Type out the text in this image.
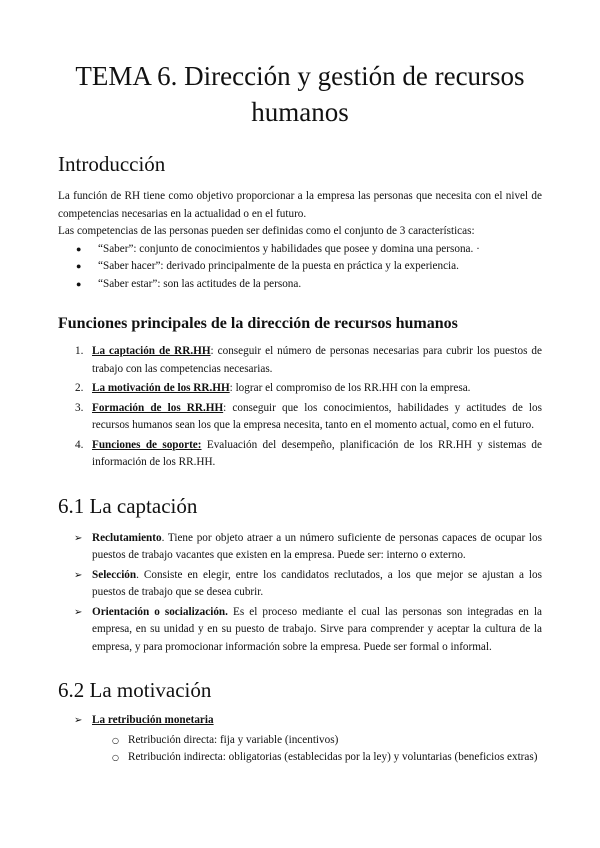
TEMA 6. Dirección y gestión de recursos
humanos
Introducción

La función de RH tiene como objetivo proporcionar a la empresa las personas que necesita con el nivel de competencias necesarias en la actualidad o en el futuro.

Las competencias de las personas pueden ser definidas como el conjunto de 3 características:

● “Saber”: conjunto de conocimientos y habilidades que posee y domina una persona. ·
● “Saber hacer”: derivado principalmente de la puesta en práctica y la experiencia.
● “Saber estar”: son las actitudes de la persona.
Funciones principales de la dirección de recursos humanos
1. La captación de RR.HH: conseguir el número de personas necesarias para cubrir los puestos de trabajo con las competencias necesarias.
2. La motivación de los RR.HH: lograr el compromiso de los RR.HH con la empresa.
3. Formación de los RR.HH: conseguir que los conocimientos, habilidades y actitudes de los recursos humanos sean los que la empresa necesita, tanto en el momento actual, como en el futuro.
4. Funciones de soporte: Evaluación del desempeño, planificación de los RR.HH y sistemas de información de los RR.HH.
6.1 La captación
➢ Reclutamiento. Tiene por objeto atraer a un número suficiente de personas capaces de ocupar los puestos de trabajo vacantes que existen en la empresa. Puede ser: interno o externo.
➢ Selección. Consiste en elegir, entre los candidatos reclutados, a los que mejor se ajustan a los puestos de trabajo que se desea cubrir.
➢ Orientación o socialización. Es el proceso mediante el cual las personas son integradas en la empresa, en su unidad y en su puesto de trabajo. Sirve para comprender y aceptar la cultura de la empresa, y para promocionar información sobre la empresa. Puede ser formal o informal.
6.2 La motivación
➢ La retribución monetaria
○ Retribución directa: fija y variable (incentivos)
○ Retribución indirecta: obligatorias (establecidas por la ley) y voluntarias (beneficios extras)
